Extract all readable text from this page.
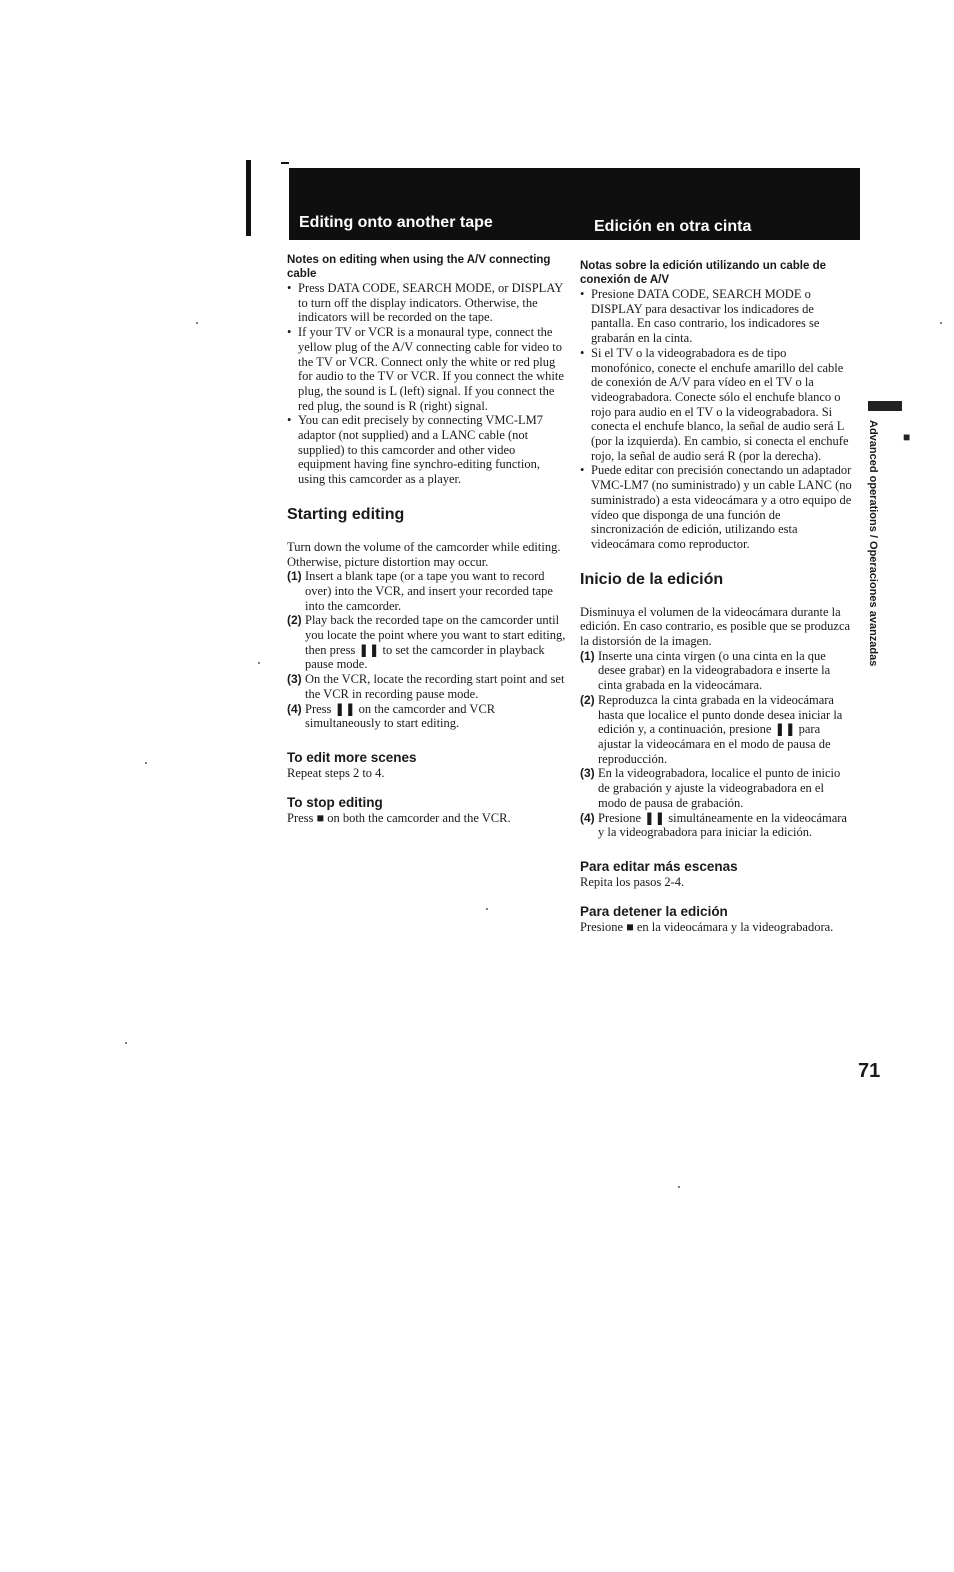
Editing onto another tape	Edición en otra cinta

Notes on editing when using the A/V connecting cable

• Press DATA CODE, SEARCH MODE, or DISPLAY to turn off the display indicators. Otherwise, the indicators will be recorded on the tape.
• If your TV or VCR is a monaural type, connect the yellow plug of the A/V connecting cable for video to the TV or VCR. Connect only the white or red plug for audio to the TV or VCR. If you connect the white plug, the sound is L (left) signal. If you connect the red plug, the sound is R (right) signal.
• You can edit precisely by connecting VMC-LM7 adaptor (not supplied) and a LANC cable (not supplied) to this camcorder and other video equipment having fine synchro-editing function, using this camcorder as a player.
Starting editing

Turn down the volume of the camcorder while editing. Otherwise, picture distortion may occur.

(1) Insert a blank tape (or a tape you want to record over) into the VCR, and insert your recorded tape into the camcorder.
(2) Play back the recorded tape on the camcorder until you locate the point where you want to start editing, then press ❚❚ to set the camcorder in playback pause mode.
(3) On the VCR, locate the recording start point and set the VCR in recording pause mode.
(4) Press ❚❚ on the camcorder and VCR simultaneously to start editing.
To edit more scenes

Repeat steps 2 to 4.

To stop editing

Press ■ on both the camcorder and the VCR.

Notas sobre la edición utilizando un cable de conexión de A/V

• Presione DATA CODE, SEARCH MODE o DISPLAY para desactivar los indicadores de pantalla. En caso contrario, los indicadores se grabarán en la cinta.
• Si el TV o la videograbadora es de tipo monofónico, conecte el enchufe amarillo del cable de conexión de A/V para vídeo en el TV o la videograbadora. Conecte sólo el enchufe blanco o rojo para audio en el TV o la videograbadora. Si conecta el enchufe blanco, la señal de audio será L (por la izquierda). En cambio, si conecta el enchufe rojo, la señal de audio será R (por la derecha).
• Puede editar con precisión conectando un adaptador VMC-LM7 (no suministrado) y un cable LANC (no suministrado) a esta videocámara y a otro equipo de vídeo que disponga de una función de sincronización de edición, utilizando esta videocámara como reproductor.
Inicio de la edición

Disminuya el volumen de la videocámara durante la edición. En caso contrario, es posible que se produzca la distorsión de la imagen.

(1) Inserte una cinta virgen (o una cinta en la que desee grabar) en la videograbadora e inserte la cinta grabada en la videocámara.
(2) Reproduzca la cinta grabada en la videocámara hasta que localice el punto donde desea iniciar la edición y, a continuación, presione ❚❚ para ajustar la videocámara en el modo de pausa de reproducción.
(3) En la videograbadora, localice el punto de inicio de grabación y ajuste la videograbadora en el modo de pausa de grabación.
(4) Presione ❚❚ simultáneamente en la videocámara y la videograbadora para iniciar la edición.
Para editar más escenas

Repita los pasos 2-4.

Para detener la edición

Presione ■ en la videocámara y la videograbadora.

Advanced operations / Operaciones avanzadas	■
71
